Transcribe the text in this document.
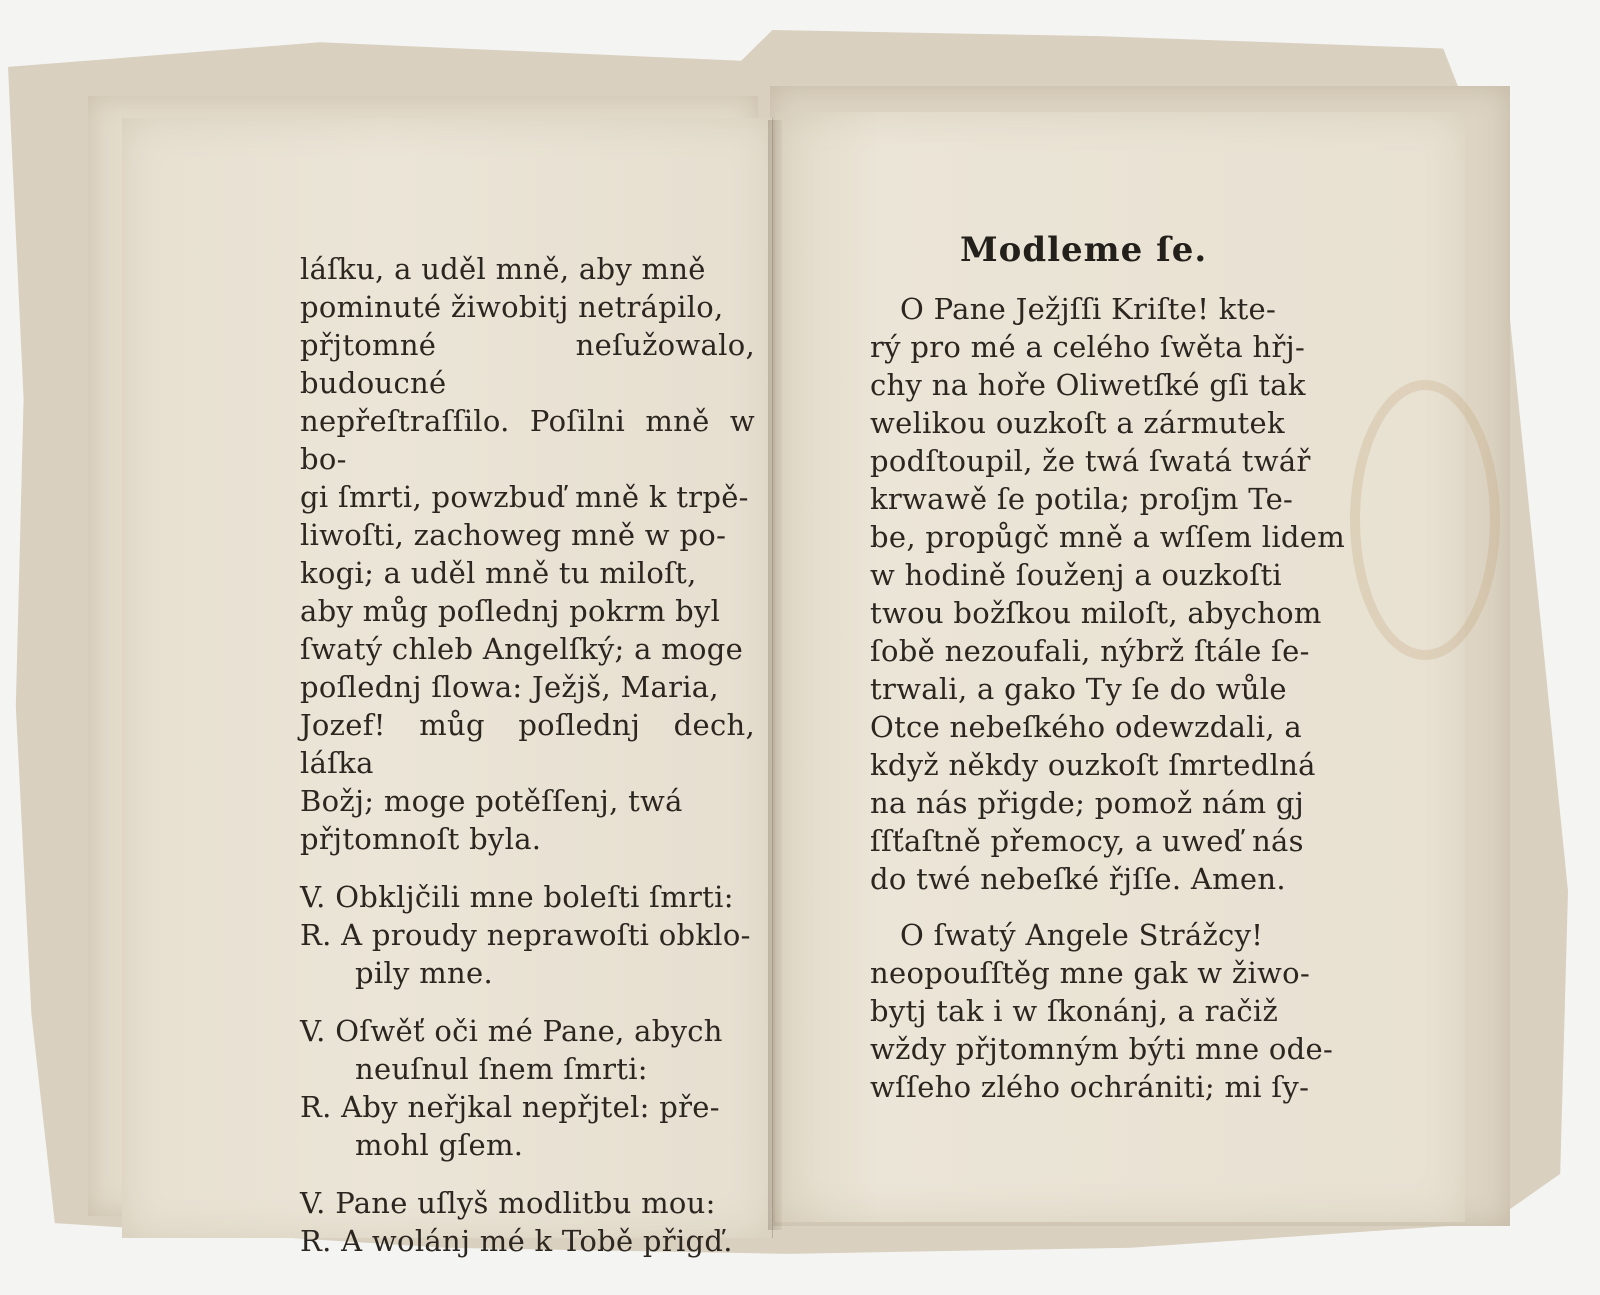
láſku, a uděl mně, aby mně
pominuté žiwobitj netrápilo,
přjtomné neſužowalo, budoucné
nepřeſtraſſilo. Poſilni mně w bo-
gi ſmrti, powzbuď mně k trpě-
liwoſti, zachoweg mně w po-
kogi; a uděl mně tu miloſt,
aby můg poſlednj pokrm byl
ſwatý chleb Angelſký; a moge
poſlednj ſlowa: Ježjš, Maria,
Jozef! můg poſlednj dech, láſka
Božj; moge potěſſenj, twá
přjtomnoſt byla.

V. Obkljčili mne boleſti ſmrti:

R. A proudy neprawoſti obklo-
pily mne.

V. Oſwěť oči mé Pane, abych
neuſnul ſnem ſmrti:

R. Aby neřjkal nepřjtel: pře-
mohl gſem.

V. Pane uſlyš modlitbu mou:

R. A wolánj mé k Tobě přigď.

Modleme ſe.

O Pane Ježjſſi Kriſte! kte-
rý pro mé a celého ſwěta hřj-
chy na hoře Oliwetſké gſi tak
welikou ouzkoſt a zármutek
podſtoupil, že twá ſwatá twář
krwawě ſe potila; proſjm Te-
be, propůgč mně a wſſem lidem
w hodině ſouženj a ouzkoſti
twou božſkou miloſt, abychom
ſobě nezoufali, nýbrž ſtále ſe-
trwali, a gako Ty ſe do wůle
Otce nebeſkého odewzdali, a
když někdy ouzkoſt ſmrtedlná
na nás přigde; pomož nám gj
ſſťaſtně přemocy, a uweď nás
do twé nebeſké řjſſe. Amen.

O ſwatý Angele Strážcy!
neopouſſtěg mne gak w žiwo-
bytj tak i w ſkonánj, a račiž
wždy přjtomným býti mne ode-
wſſeho zlého ochrániti; mi ſy-
